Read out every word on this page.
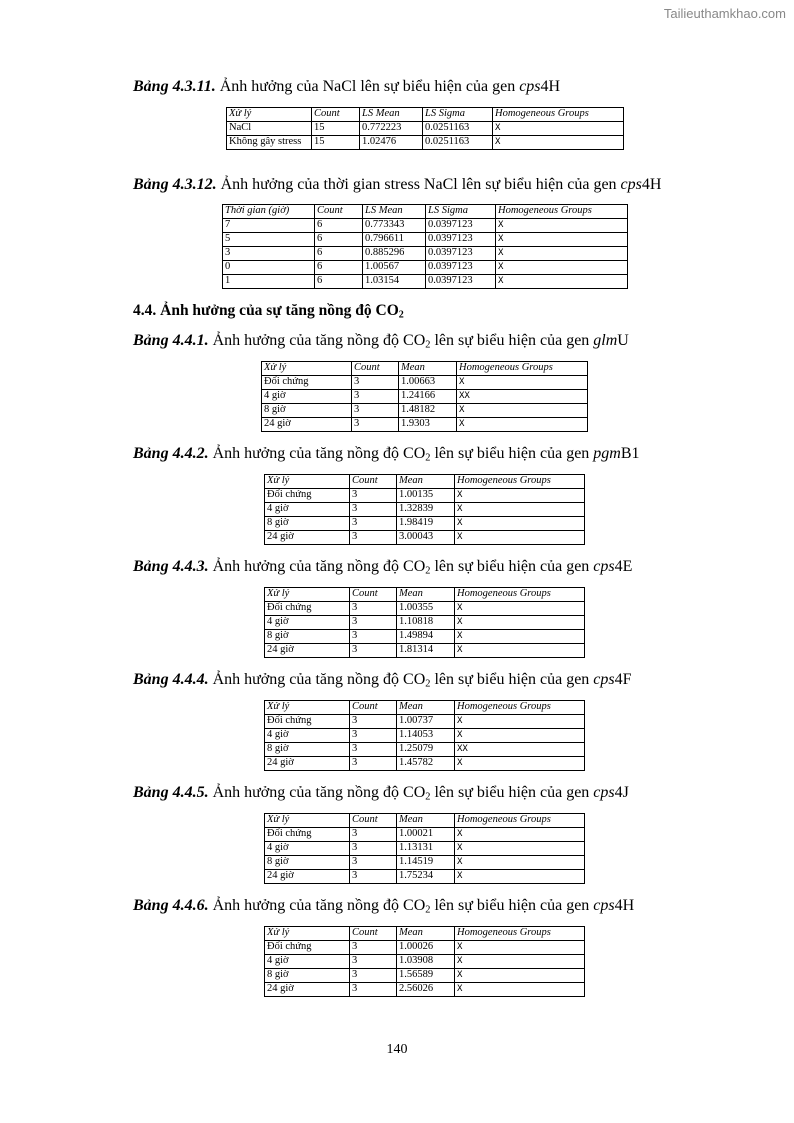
Tailieuthamkhao.com
Bảng 4.3.11. Ảnh hưởng của NaCl lên sự biểu hiện của gen cps4H
Xử lý	Count	LS Mean	LS Sigma	Homogeneous Groups
NaCl	15	0.772223	0.0251163	X
Không gây stress	15	1.02476	0.0251163	X
Bảng 4.3.12. Ảnh hưởng của thời gian stress NaCl lên sự biểu hiện của gen cps4H
Thời gian (giờ)	Count	LS Mean	LS Sigma	Homogeneous Groups
7	6	0.773343	0.0397123	X
5	6	0.796611	0.0397123	X
3	6	0.885296	0.0397123	X
0	6	1.00567	0.0397123	X
1	6	1.03154	0.0397123	X
4.4. Ảnh hưởng của sự tăng nồng độ $CO_2$
Bảng 4.4.1. Ảnh hưởng của tăng nồng độ $CO_2$ lên sự biểu hiện của gen glmU
Xử lý	Count	Mean	Homogeneous Groups
Đối chứng	3	1.00663	X
4 giờ	3	1.24166	XX
8 giờ	3	1.48182	X
24 giờ	3	1.9303	X
Bảng 4.4.2. Ảnh hưởng của tăng nồng độ $CO_2$ lên sự biểu hiện của gen pgmB1
Xử lý	Count	Mean	Homogeneous Groups
Đối chứng	3	1.00135	X
4 giờ	3	1.32839	X
8 giờ	3	1.98419	X
24 giờ	3	3.00043	X
Bảng 4.4.3. Ảnh hưởng của tăng nồng độ $CO_2$ lên sự biểu hiện của gen cps4E
Xử lý	Count	Mean	Homogeneous Groups
Đối chứng	3	1.00355	X
4 giờ	3	1.10818	X
8 giờ	3	1.49894	X
24 giờ	3	1.81314	X
Bảng 4.4.4. Ảnh hưởng của tăng nồng độ $CO_2$ lên sự biểu hiện của gen cps4F
Xử lý	Count	Mean	Homogeneous Groups
Đối chứng	3	1.00737	X
4 giờ	3	1.14053	X
8 giờ	3	1.25079	XX
24 giờ	3	1.45782	X
Bảng 4.4.5. Ảnh hưởng của tăng nồng độ $CO_2$ lên sự biểu hiện của gen cps4J
Xử lý	Count	Mean	Homogeneous Groups
Đối chứng	3	1.00021	X
4 giờ	3	1.13131	X
8 giờ	3	1.14519	X
24 giờ	3	1.75234	X
Bảng 4.4.6. Ảnh hưởng của tăng nồng độ $CO_2$ lên sự biểu hiện của gen cps4H
Xử lý	Count	Mean	Homogeneous Groups
Đối chứng	3	1.00026	X
4 giờ	3	1.03908	X
8 giờ	3	1.56589	X
24 giờ	3	2.56026	X
140
